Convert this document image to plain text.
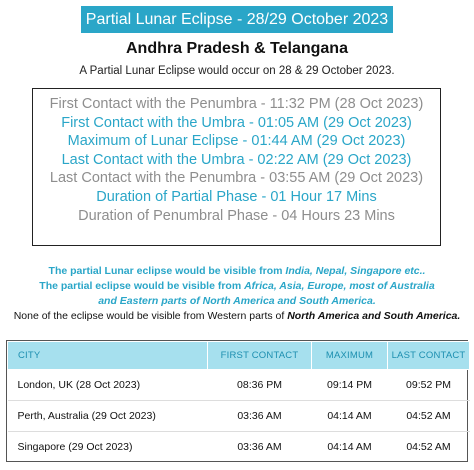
Partial Lunar Eclipse - 28/29 October 2023
Andhra Pradesh & Telangana
A Partial Lunar Eclipse would occur on 28 & 29 October 2023.
First Contact with the Penumbra - 11:32 PM (28 Oct 2023)
First Contact with the Umbra - 01:05 AM (29 Oct 2023)
Maximum of Lunar Eclipse - 01:44 AM (29 Oct 2023)
Last Contact with the Umbra - 02:22 AM (29 Oct 2023)
Last Contact with the Penumbra - 03:55 AM (29 Oct 2023)
Duration of Partial Phase - 01 Hour 17 Mins
Duration of Penumbral Phase - 04 Hours 23 Mins
The partial Lunar eclipse would be visible from India, Nepal, Singapore etc..
The partial eclipse would be visible from Africa, Asia, Europe, most of Australia
and Eastern parts of North America and South America.
None of the eclipse would be visible from Western parts of North America and South America.
CITY	FIRST CONTACT	MAXIMUM	LAST CONTACT
London, UK (28 Oct 2023)	08:36 PM	09:14 PM	09:52 PM
Perth, Australia (29 Oct 2023)	03:36 AM	04:14 AM	04:52 AM
Singapore (29 Oct 2023)	03:36 AM	04:14 AM	04:52 AM
